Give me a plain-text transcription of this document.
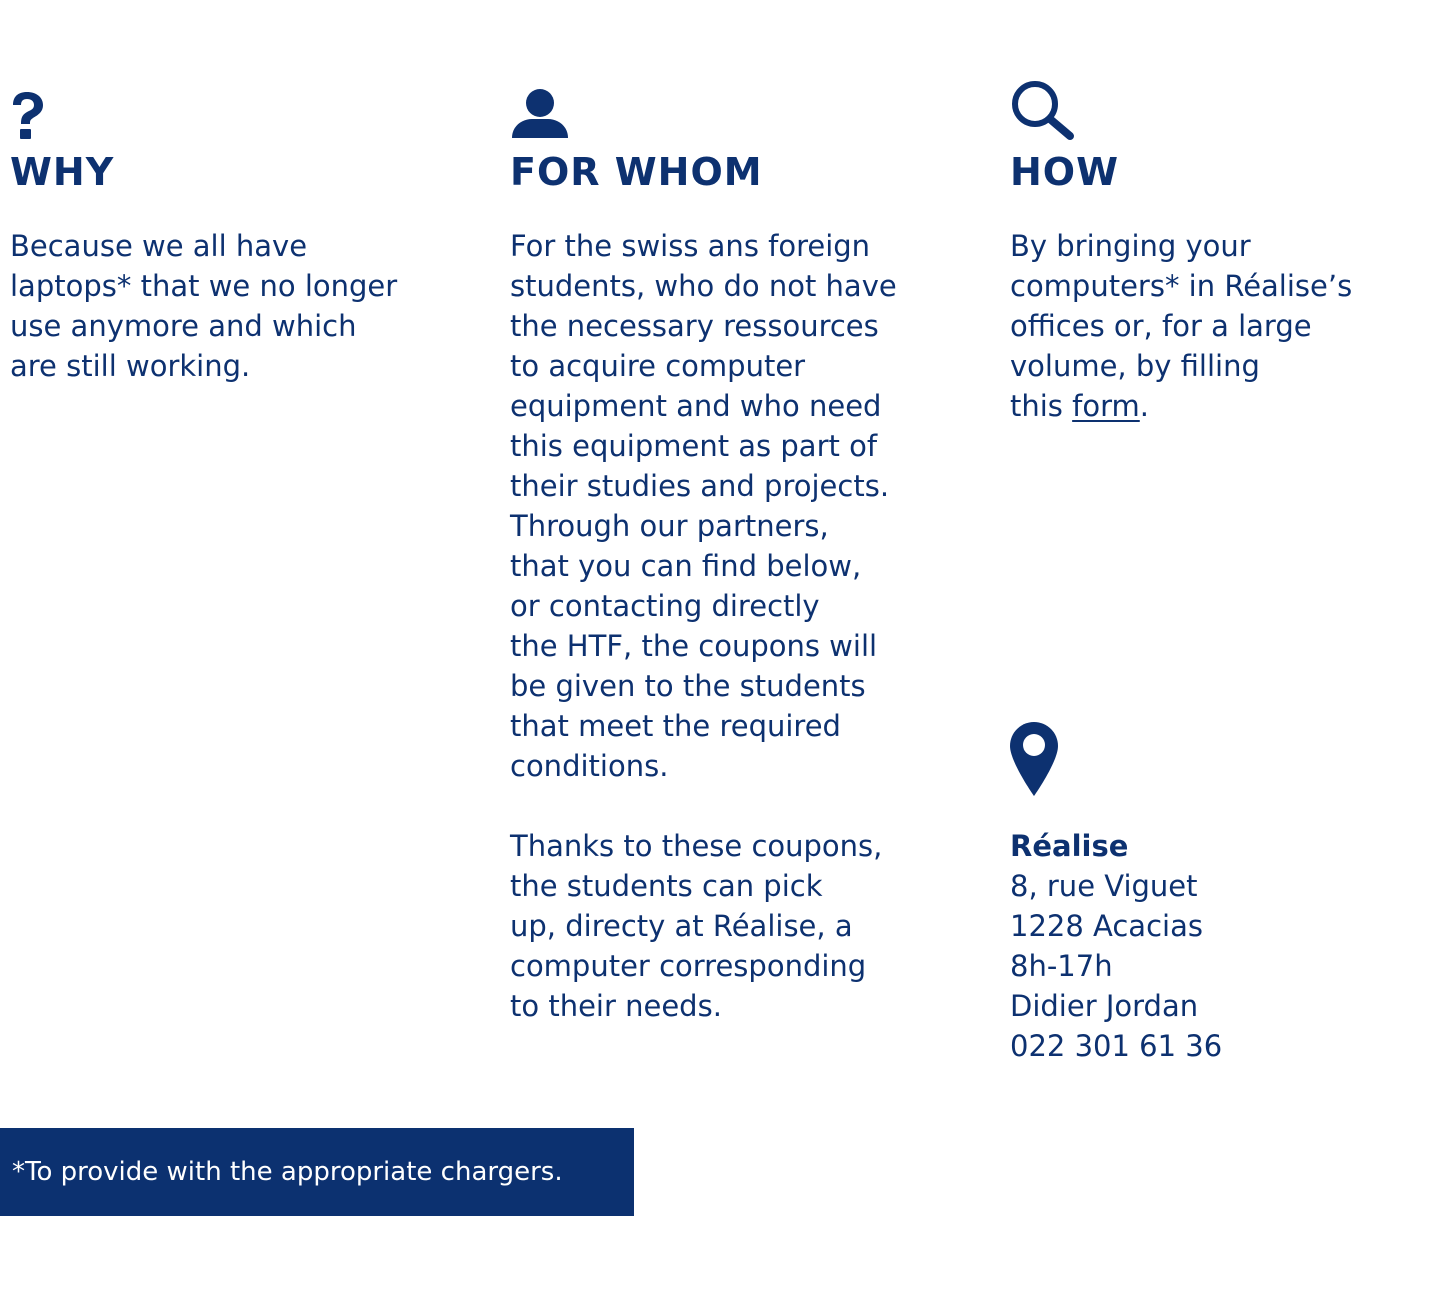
WHY

Because we all have
laptops* that we no longer
use anymore and which
are still working.

FOR WHOM

For the swiss ans foreign
students, who do not have
the necessary ressources
to acquire computer
equipment and who need
this equipment as part of
their studies and projects.
Through our partners,
that you can find below,
or contacting directly
the HTF, the coupons will
be given to the students
that meet the required
conditions.
Thanks to these coupons,
the students can pick
up, directy at Réalise, a
computer corresponding
to their needs.

HOW

By bringing your
computers* in Réalise’s
offices or, for a large
volume, by filling
this form.

Réalise
8, rue Viguet
1228 Acacias
8h-17h
Didier Jordan
022 301 61 36

*To provide with the appropriate chargers.
